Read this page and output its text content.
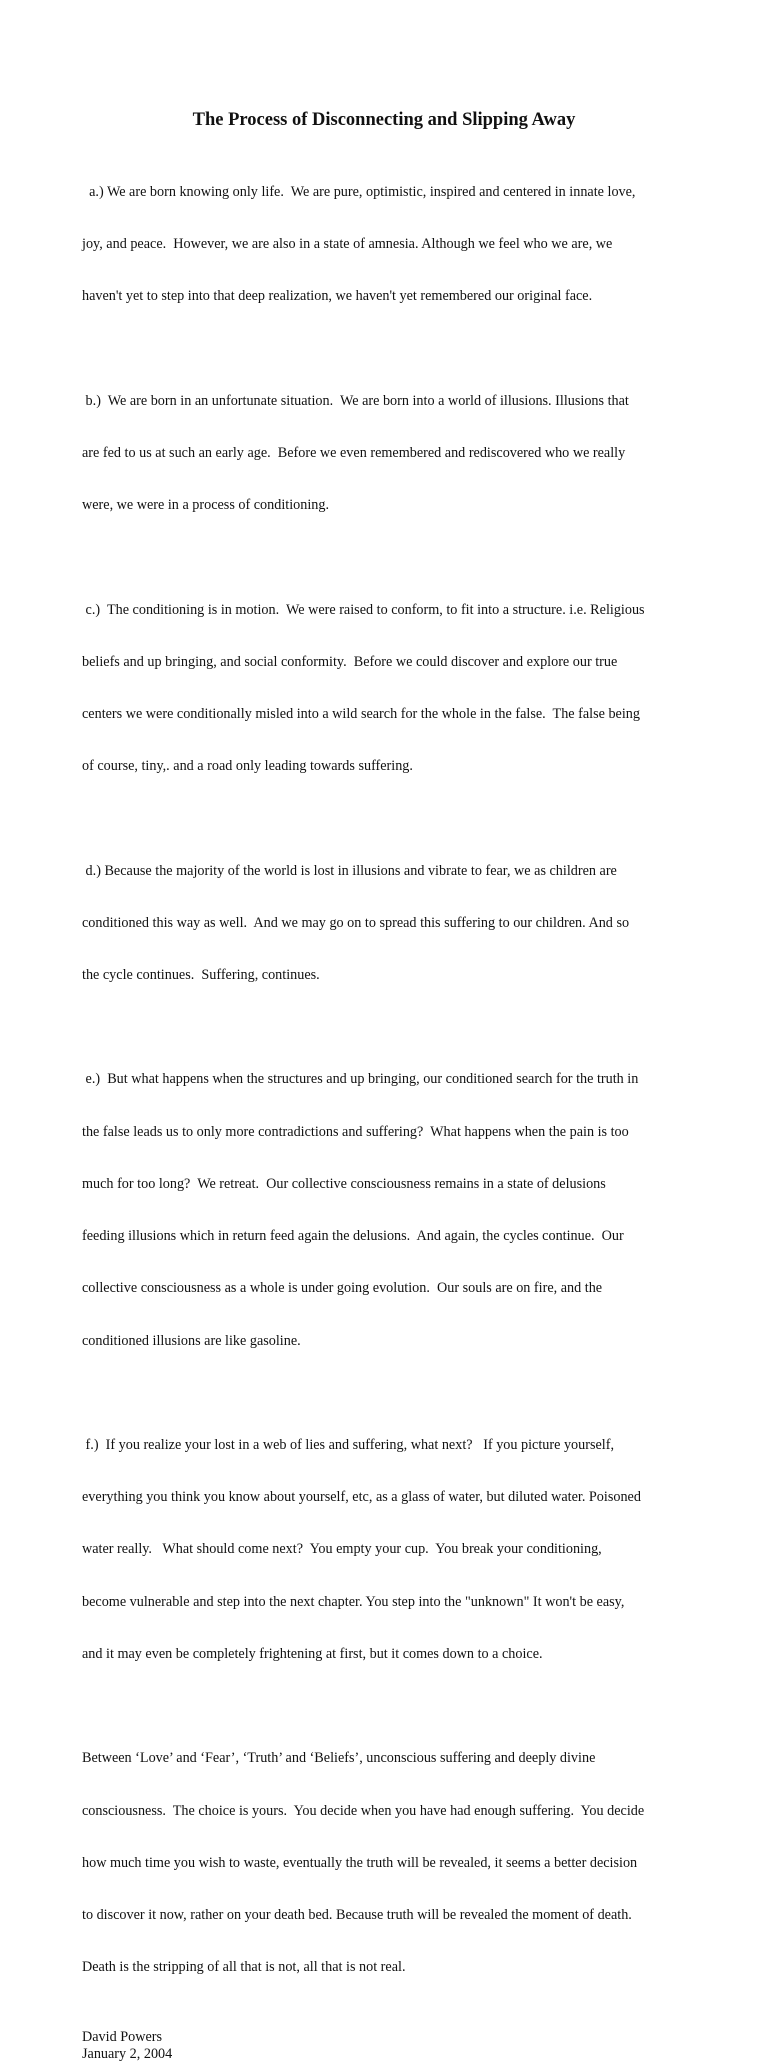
The Process of Disconnecting and Slipping Away

a.) We are born knowing only life.  We are pure, optimistic, inspired and centered in innate love,

joy, and peace.  However, we are also in a state of amnesia. Although we feel who we are, we

haven't yet to step into that deep realization, we haven't yet remembered our original face.

b.)  We are born in an unfortunate situation.  We are born into a world of illusions. Illusions that

are fed to us at such an early age.  Before we even remembered and rediscovered who we really

were, we were in a process of conditioning.

c.)  The conditioning is in motion.  We were raised to conform, to fit into a structure. i.e. Religious

beliefs and up bringing, and social conformity.  Before we could discover and explore our true

centers we were conditionally misled into a wild search for the whole in the false.  The false being

of course, tiny,. and a road only leading towards suffering.

d.) Because the majority of the world is lost in illusions and vibrate to fear, we as children are

conditioned this way as well.  And we may go on to spread this suffering to our children. And so

the cycle continues.  Suffering, continues.

e.)  But what happens when the structures and up bringing, our conditioned search for the truth in

the false leads us to only more contradictions and suffering?  What happens when the pain is too

much for too long?  We retreat.  Our collective consciousness remains in a state of delusions

feeding illusions which in return feed again the delusions.  And again, the cycles continue.  Our

collective consciousness as a whole is under going evolution.  Our souls are on fire, and the

conditioned illusions are like gasoline.

f.)  If you realize your lost in a web of lies and suffering, what next?   If you picture yourself,

everything you think you know about yourself, etc, as a glass of water, but diluted water. Poisoned

water really.   What should come next?  You empty your cup.  You break your conditioning,

become vulnerable and step into the next chapter. You step into the "unknown" It won't be easy,

and it may even be completely frightening at first, but it comes down to a choice.

Between ‘Love’ and ‘Fear’, ‘Truth’ and ‘Beliefs’, unconscious suffering and deeply divine

consciousness.  The choice is yours.  You decide when you have had enough suffering.  You decide

how much time you wish to waste, eventually the truth will be revealed, it seems a better decision

to discover it now, rather on your death bed. Because truth will be revealed the moment of death.

Death is the stripping of all that is not, all that is not real.

David Powers
January 2, 2004
